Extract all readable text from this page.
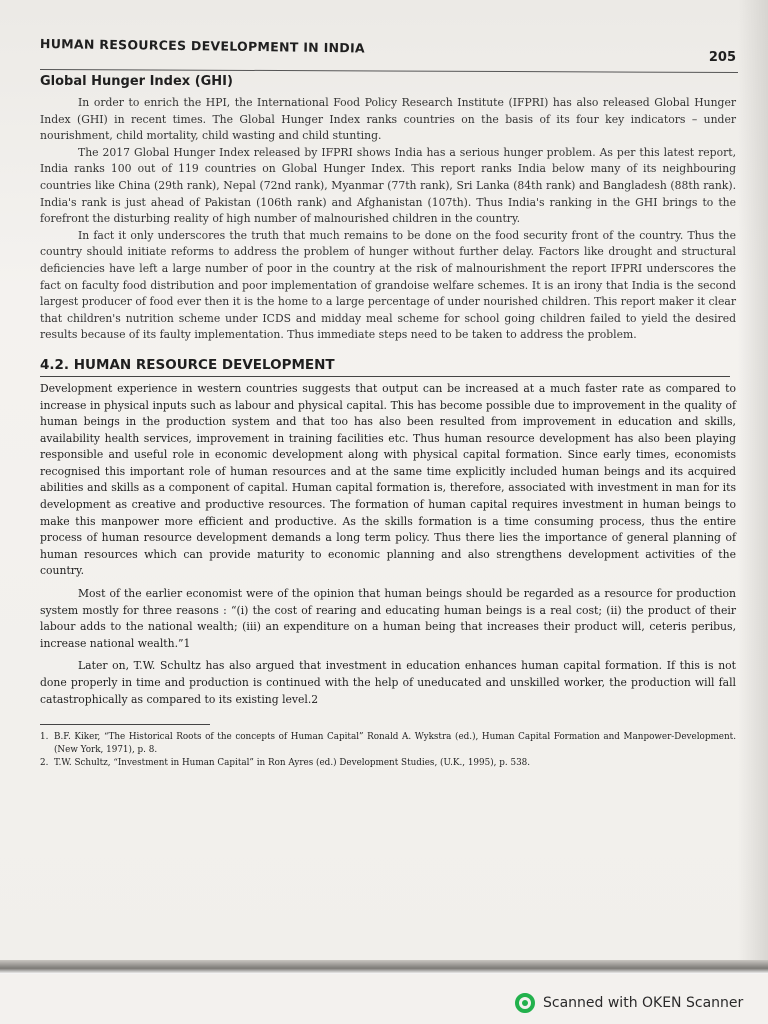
HUMAN RESOURCES DEVELOPMENT IN INDIA
205
Global Hunger Index (GHI)

In order to enrich the HPI, the International Food Policy Research Institute (IFPRI) has also released Global Hunger Index (GHI) in recent times. The Global Hunger Index ranks countries on the basis of its four key indicators – under nourishment, child mortality, child wasting and child stunting.

The 2017 Global Hunger Index released by IFPRI shows India has a serious hunger problem. As per this latest report, India ranks 100 out of 119 countries on Global Hunger Index. This report ranks India below many of its neighbouring countries like China (29th rank), Nepal (72nd rank), Myanmar (77th rank), Sri Lanka (84th rank) and Bangladesh (88th rank). India's rank is just ahead of Pakistan (106th rank) and Afghanistan (107th). Thus India's ranking in the GHI brings to the forefront the disturbing reality of high number of malnourished children in the country.

In fact it only underscores the truth that much remains to be done on the food security front of the country. Thus the country should initiate reforms to address the problem of hunger without further delay. Factors like drought and structural deficiencies have left a large number of poor in the country at the risk of malnourishment the report IFPRI underscores the fact on faculty food distribution and poor implementation of grandoise welfare schemes. It is an irony that India is the second largest producer of food ever then it is the home to a large percentage of under nourished children. This report maker it clear that children's nutrition scheme under ICDS and midday meal scheme for school going children failed to yield the desired results because of its faulty implementation. Thus immediate steps need to be taken to address the problem.

4.2. HUMAN RESOURCE DEVELOPMENT

Development experience in western countries suggests that output can be increased at a much faster rate as compared to increase in physical inputs such as labour and physical capital. This has become possible due to improvement in the quality of human beings in the production system and that too has also been resulted from improvement in education and skills, availability health services, improvement in training facilities etc. Thus human resource development has also been playing responsible and useful role in economic development along with physical capital formation. Since early times, economists recognised this important role of human resources and at the same time explicitly included human beings and its acquired abilities and skills as a component of capital. Human capital formation is, therefore, associated with investment in man for its development as creative and productive resources. The formation of human capital requires investment in human beings to make this manpower more efficient and productive. As the skills formation is a time consuming process, thus the entire process of human resource development demands a long term policy. Thus there lies the importance of general planning of human resources which can provide maturity to economic planning and also strengthens development activities of the country.

Most of the earlier economist were of the opinion that human beings should be regarded as a resource for production system mostly for three reasons : “(i) the cost of rearing and educating human beings is a real cost; (ii) the product of their labour adds to the national wealth; (iii) an expenditure on a human being that increases their product will, ceteris peribus, increase national wealth.”1

Later on, T.W. Schultz has also argued that investment in education enhances human capital formation. If this is not done properly in time and production is continued with the help of uneducated and unskilled worker, the production will fall catastrophically as compared to its existing level.2

1. B.F. Kiker, “The Historical Roots of the concepts of Human Capital” Ronald A. Wykstra (ed.), Human Capital Formation and Manpower-Development. (New York, 1971), p. 8.

2. T.W. Schultz, “Investment in Human Capital” in Ron Ayres (ed.) Development Studies, (U.K., 1995), p. 538.

Scanned with OKEN Scanner
